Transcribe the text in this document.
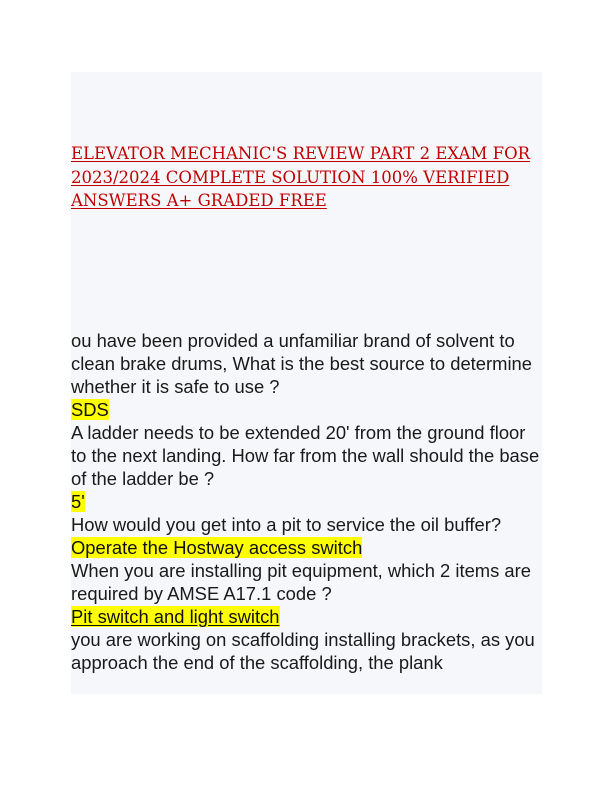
ELEVATOR MECHANIC'S REVIEW PART 2 EXAM FOR 2023/2024 COMPLETE SOLUTION 100% VERIFIED ANSWERS A+ GRADED FREE

ou have been provided a unfamiliar brand of solvent to clean brake drums, What is the best source to determine whether it is safe to use ?

SDS

A ladder needs to be extended 20' from the ground floor to the next landing. How far from the wall should the base of the ladder be ?

5'

How would you get into a pit to service the oil buffer?

Operate the Hostway access switch

When you are installing pit equipment, which 2 items are required by AMSE A17.1 code ?

Pit switch and light switch

you are working on scaffolding installing brackets, as you approach the end of the scaffolding, the plank
